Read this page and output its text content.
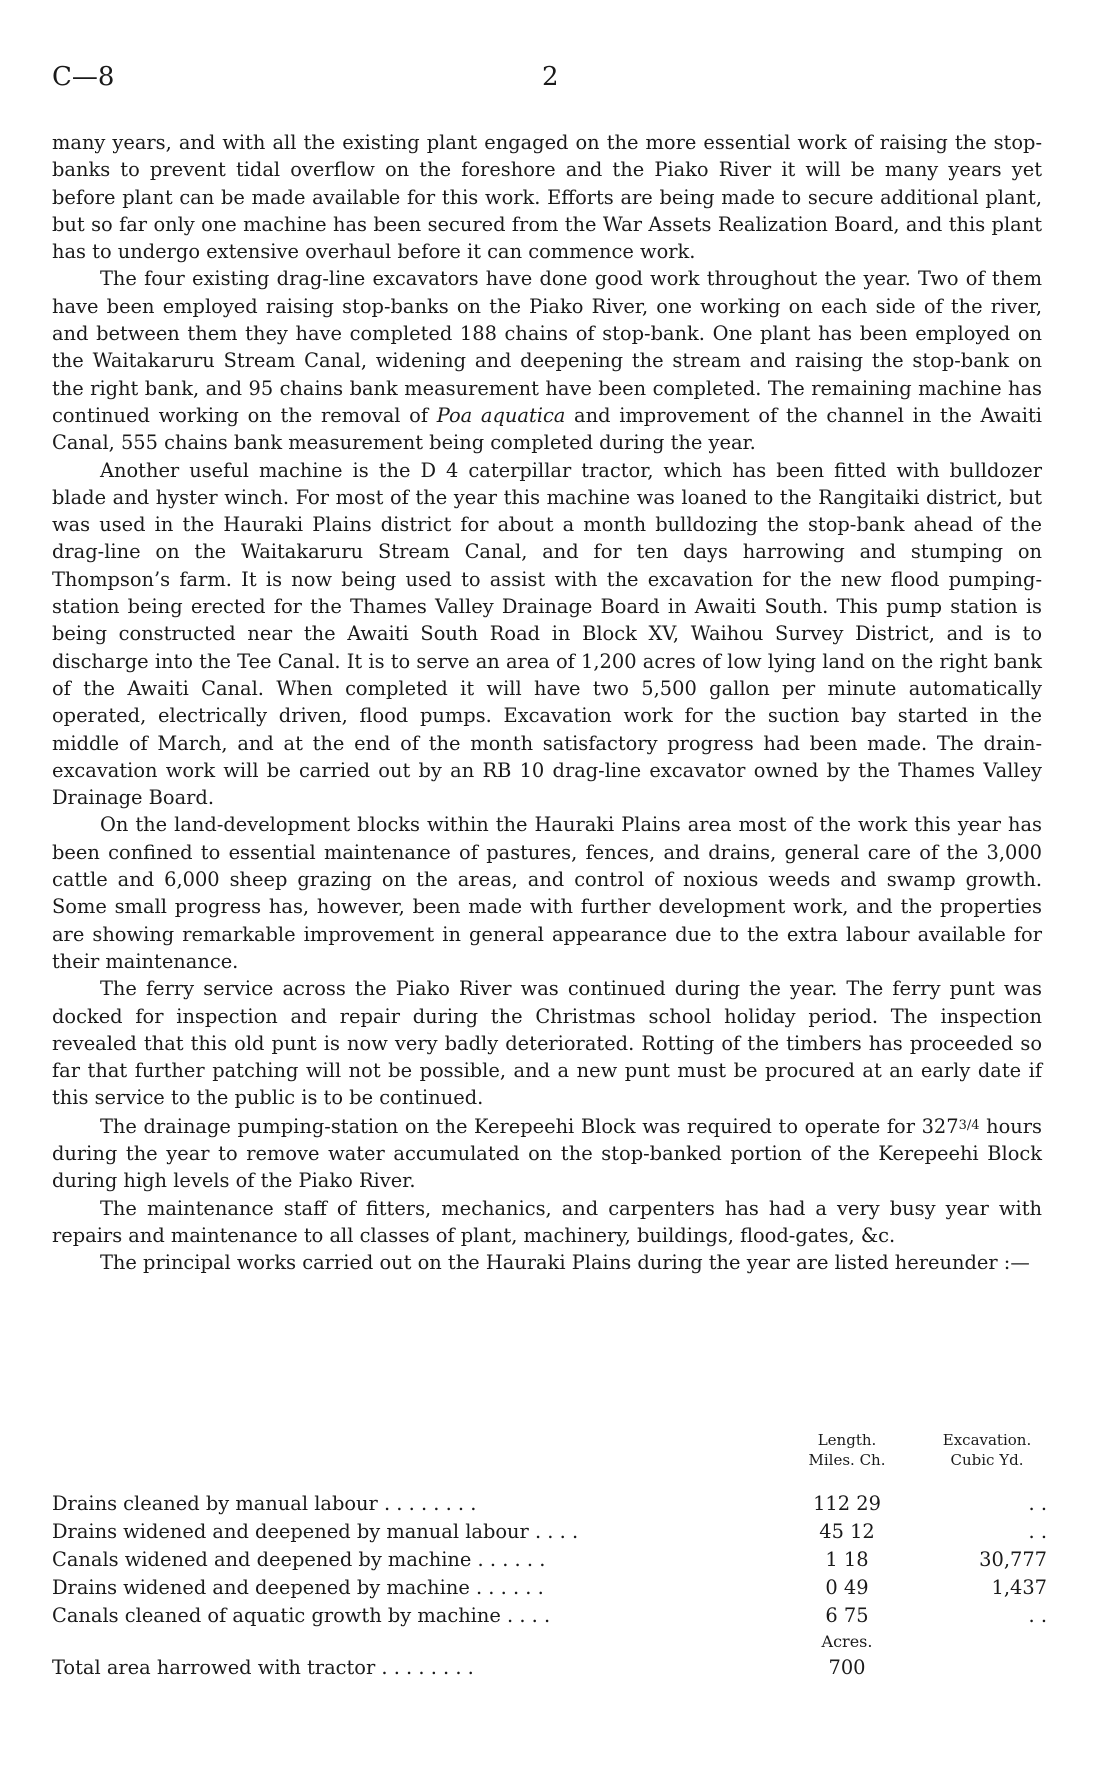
C—8	2

many years, and with all the existing plant engaged on the more essential work of raising the stop-banks to prevent tidal overflow on the foreshore and the Piako River it will be many years yet before plant can be made available for this work. Efforts are being made to secure additional plant, but so far only one machine has been secured from the War Assets Realization Board, and this plant has to undergo extensive overhaul before it can commence work.

The four existing drag-line excavators have done good work throughout the year. Two of them have been employed raising stop-banks on the Piako River, one working on each side of the river, and between them they have completed 188 chains of stop-bank. One plant has been employed on the Waitakaruru Stream Canal, widening and deepening the stream and raising the stop-bank on the right bank, and 95 chains bank measurement have been completed. The remaining machine has continued working on the removal of Poa aquatica and improvement of the channel in the Awaiti Canal, 555 chains bank measurement being completed during the year.

Another useful machine is the D 4 caterpillar tractor, which has been fitted with bulldozer blade and hyster winch. For most of the year this machine was loaned to the Rangitaiki district, but was used in the Hauraki Plains district for about a month bulldozing the stop-bank ahead of the drag-line on the Waitakaruru Stream Canal, and for ten days harrowing and stumping on Thompson’s farm. It is now being used to assist with the excavation for the new flood pumping-station being erected for the Thames Valley Drainage Board in Awaiti South. This pump station is being constructed near the Awaiti South Road in Block XV, Waihou Survey District, and is to discharge into the Tee Canal. It is to serve an area of 1,200 acres of low lying land on the right bank of the Awaiti Canal. When completed it will have two 5,500 gallon per minute automatically operated, electrically driven, flood pumps. Excavation work for the suction bay started in the middle of March, and at the end of the month satisfactory progress had been made. The drain-excavation work will be carried out by an RB 10 drag-line excavator owned by the Thames Valley Drainage Board.

On the land-development blocks within the Hauraki Plains area most of the work this year has been confined to essential maintenance of pastures, fences, and drains, general care of the 3,000 cattle and 6,000 sheep grazing on the areas, and control of noxious weeds and swamp growth. Some small progress has, however, been made with further development work, and the properties are showing remarkable improvement in general appearance due to the extra labour available for their maintenance.

The ferry service across the Piako River was continued during the year. The ferry punt was docked for inspection and repair during the Christmas school holiday period. The inspection revealed that this old punt is now very badly deteriorated. Rotting of the timbers has proceeded so far that further patching will not be possible, and a new punt must be procured at an early date if this service to the public is to be continued.

The drainage pumping-station on the Kerepeehi Block was required to operate for $327^{3/4}$ hours during the year to remove water accumulated on the stop-banked portion of the Kerepeehi Block during high levels of the Piako River.

The maintenance staff of fitters, mechanics, and carpenters has had a very busy year with repairs and maintenance to all classes of plant, machinery, buildings, flood-gates, &c.

The principal works carried out on the Hauraki Plains during the year are listed hereunder :—

Length.
Miles. Ch.
Excavation.
Cubic Yd.
Drains cleaned by manual labour . . . . . . . .	112 29	. .
Drains widened and deepened by manual labour . . . .	45 12	. .
Canals widened and deepened by machine . . . . . .	1 18	30,777
Drains widened and deepened by machine . . . . . .	0 49	1,437
Canals cleaned of aquatic growth by machine . . . .	6 75	. .
Acres.
Total area harrowed with tractor . . . . . . . .	700
